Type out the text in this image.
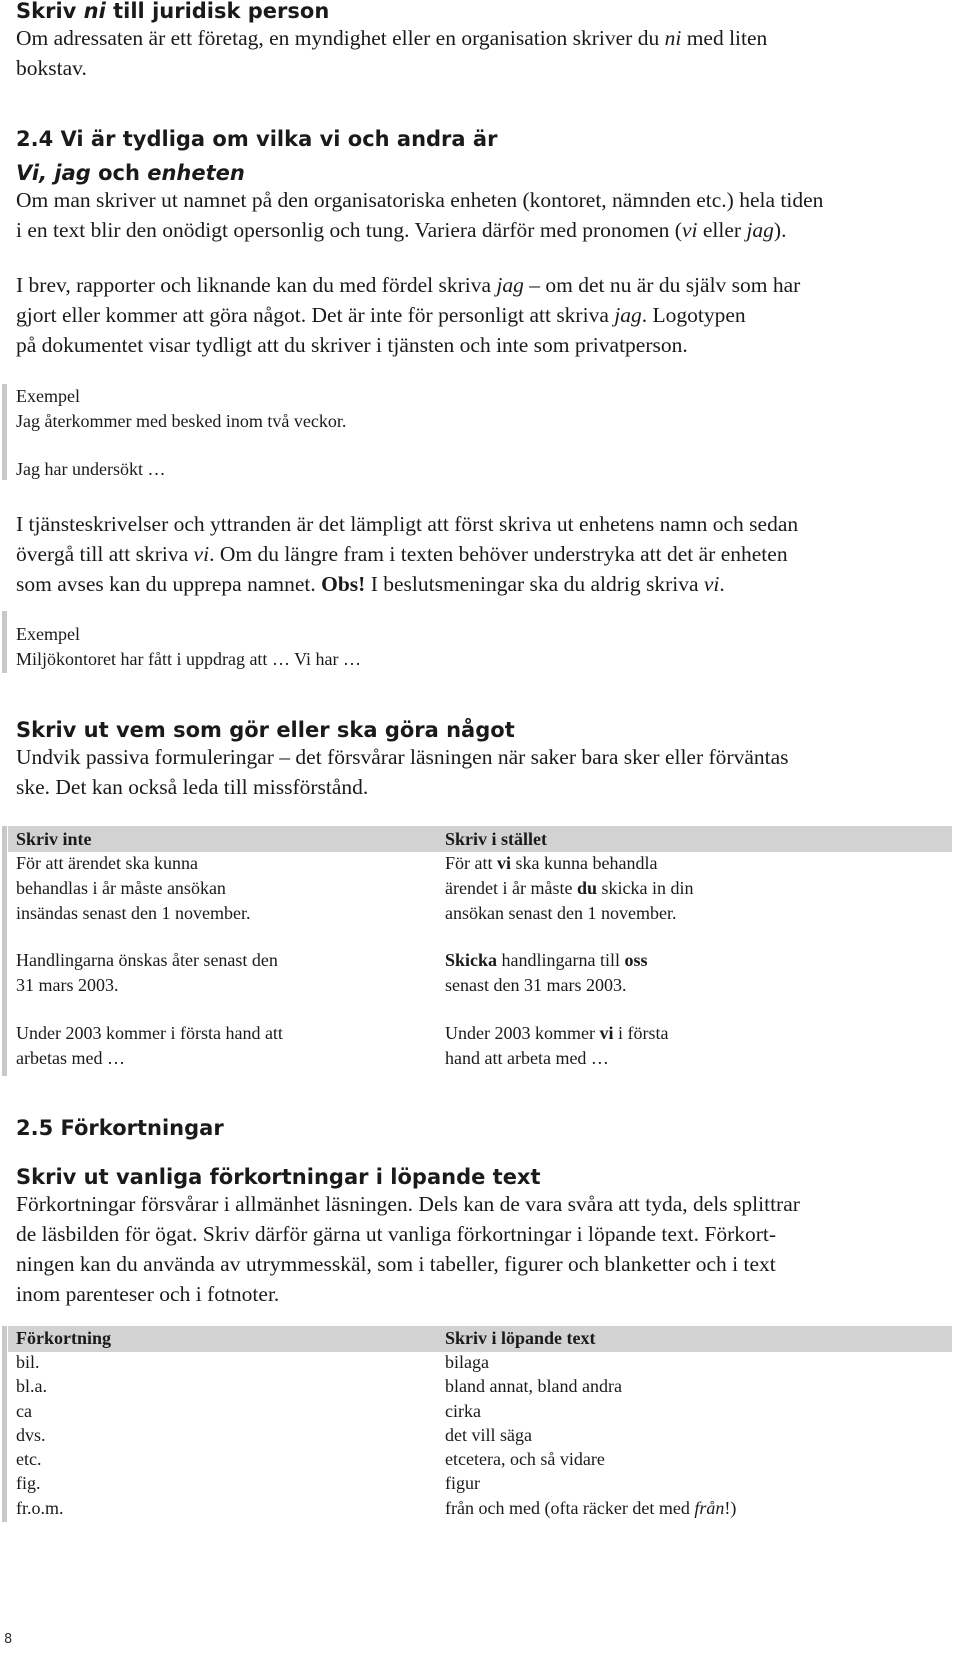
Skriv ni till juridisk person
Om adressaten är ett företag, en myndighet eller en organisation skriver du ni med liten
bokstav.
2.4 Vi är tydliga om vilka vi och andra är
Vi, jag och enheten
Om man skriver ut namnet på den organisatoriska enheten (kontoret, nämnden etc.) hela tiden
i en text blir den onödigt opersonlig och tung. Variera därför med pronomen (vi eller jag).
I brev, rapporter och liknande kan du med fördel skriva jag – om det nu är du själv som har
gjort eller kommer att göra något. Det är inte för personligt att skriva jag. Logotypen
på dokumentet visar tydligt att du skriver i tjänsten och inte som privatperson.
Exempel
Jag återkommer med besked inom två veckor.
Jag har undersökt …
I tjänsteskrivelser och yttranden är det lämpligt att först skriva ut enhetens namn och sedan
övergå till att skriva vi. Om du längre fram i texten behöver understryka att det är enheten
som avses kan du upprepa namnet. Obs! I beslutsmeningar ska du aldrig skriva vi.
Exempel
Miljökontoret har fått i uppdrag att … Vi har …
Skriv ut vem som gör eller ska göra något
Undvik passiva formuleringar – det försvårar läsningen när saker bara sker eller förväntas
ske. Det kan också leda till missförstånd.
Skriv inte	Skriv i stället
För att ärendet ska kunna
behandlas i år måste ansökan
insändas senast den 1 november.
För att vi ska kunna behandla
ärendet i år måste du skicka in din
ansökan senast den 1 november.
Handlingarna önskas åter senast den
31 mars 2003.
Skicka handlingarna till oss
senast den 31 mars 2003.
Under 2003 kommer i första hand att
arbetas med …
Under 2003 kommer vi i första
hand att arbeta med …
2.5 Förkortningar
Skriv ut vanliga förkortningar i löpande text
Förkortningar försvårar i allmänhet läsningen. Dels kan de vara svåra att tyda, dels splittrar
de läsbilden för ögat. Skriv därför gärna ut vanliga förkortningar i löpande text. Förkort-
ningen kan du använda av utrymmesskäl, som i tabeller, figurer och blanketter och i text
inom parenteser och i fotnoter.
Förkortning	Skriv i löpande text
bil.
bl.a.
ca
dvs.
etc.
fig.
fr.o.m.
bilaga
bland annat, bland andra
cirka
det vill säga
etcetera, och så vidare
figur
från och med (ofta räcker det med från!)
8
